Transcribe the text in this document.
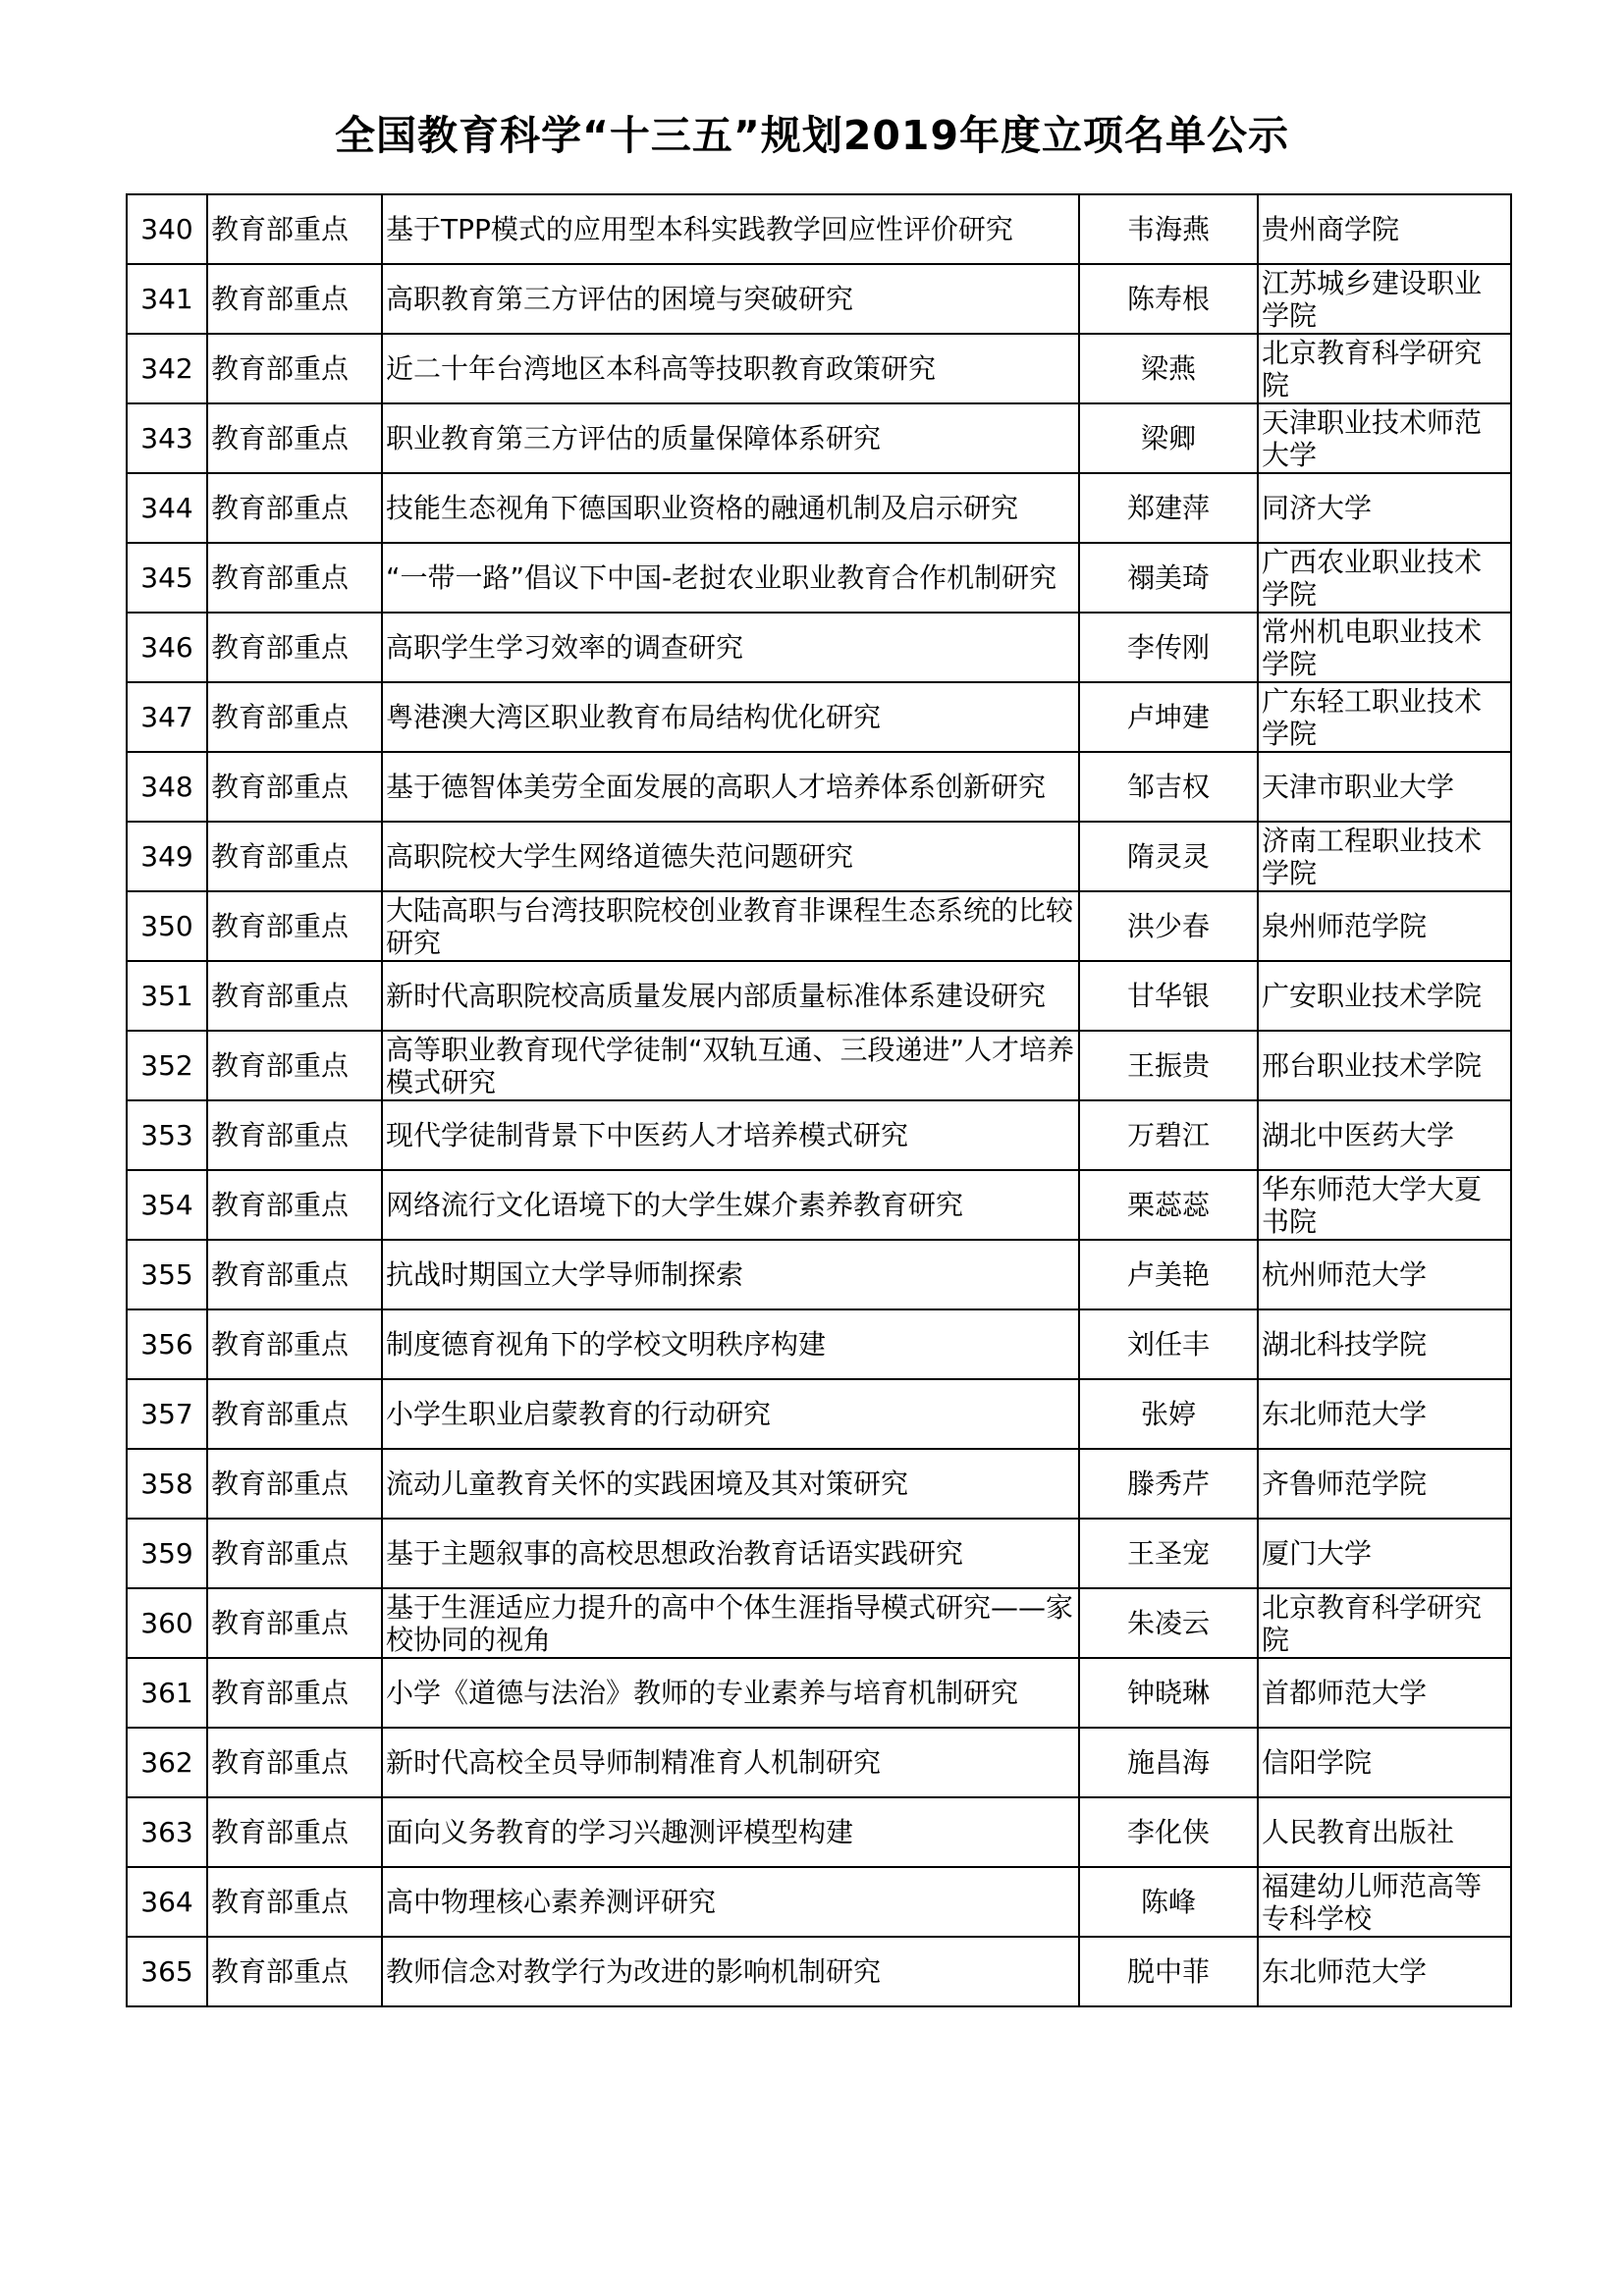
全国教育科学“十三五”规划2019年度立项名单公示
340	教育部重点	基于TPP模式的应用型本科实践教学回应性评价研究	韦海燕	贵州商学院
341	教育部重点	高职教育第三方评估的困境与突破研究	陈寿根	江苏城乡建设职业学院
342	教育部重点	近二十年台湾地区本科高等技职教育政策研究	梁燕	北京教育科学研究院
343	教育部重点	职业教育第三方评估的质量保障体系研究	梁卿	天津职业技术师范大学
344	教育部重点	技能生态视角下德国职业资格的融通机制及启示研究	郑建萍	同济大学
345	教育部重点	“一带一路”倡议下中国-老挝农业职业教育合作机制研究	禤美琦	广西农业职业技术学院
346	教育部重点	高职学生学习效率的调查研究	李传刚	常州机电职业技术学院
347	教育部重点	粤港澳大湾区职业教育布局结构优化研究	卢坤建	广东轻工职业技术学院
348	教育部重点	基于德智体美劳全面发展的高职人才培养体系创新研究	邹吉权	天津市职业大学
349	教育部重点	高职院校大学生网络道德失范问题研究	隋灵灵	济南工程职业技术学院
350	教育部重点	大陆高职与台湾技职院校创业教育非课程生态系统的比较研究	洪少春	泉州师范学院
351	教育部重点	新时代高职院校高质量发展内部质量标准体系建设研究	甘华银	广安职业技术学院
352	教育部重点	高等职业教育现代学徒制“双轨互通、三段递进”人才培养模式研究	王振贵	邢台职业技术学院
353	教育部重点	现代学徒制背景下中医药人才培养模式研究	万碧江	湖北中医药大学
354	教育部重点	网络流行文化语境下的大学生媒介素养教育研究	栗蕊蕊	华东师范大学大夏书院
355	教育部重点	抗战时期国立大学导师制探索	卢美艳	杭州师范大学
356	教育部重点	制度德育视角下的学校文明秩序构建	刘任丰	湖北科技学院
357	教育部重点	小学生职业启蒙教育的行动研究	张婷	东北师范大学
358	教育部重点	流动儿童教育关怀的实践困境及其对策研究	滕秀芹	齐鲁师范学院
359	教育部重点	基于主题叙事的高校思想政治教育话语实践研究	王圣宠	厦门大学
360	教育部重点	基于生涯适应力提升的高中个体生涯指导模式研究——家校协同的视角	朱凌云	北京教育科学研究院
361	教育部重点	小学《道德与法治》教师的专业素养与培育机制研究	钟晓琳	首都师范大学
362	教育部重点	新时代高校全员导师制精准育人机制研究	施昌海	信阳学院
363	教育部重点	面向义务教育的学习兴趣测评模型构建	李化侠	人民教育出版社
364	教育部重点	高中物理核心素养测评研究	陈峰	福建幼儿师范高等专科学校
365	教育部重点	教师信念对教学行为改进的影响机制研究	脱中菲	东北师范大学
